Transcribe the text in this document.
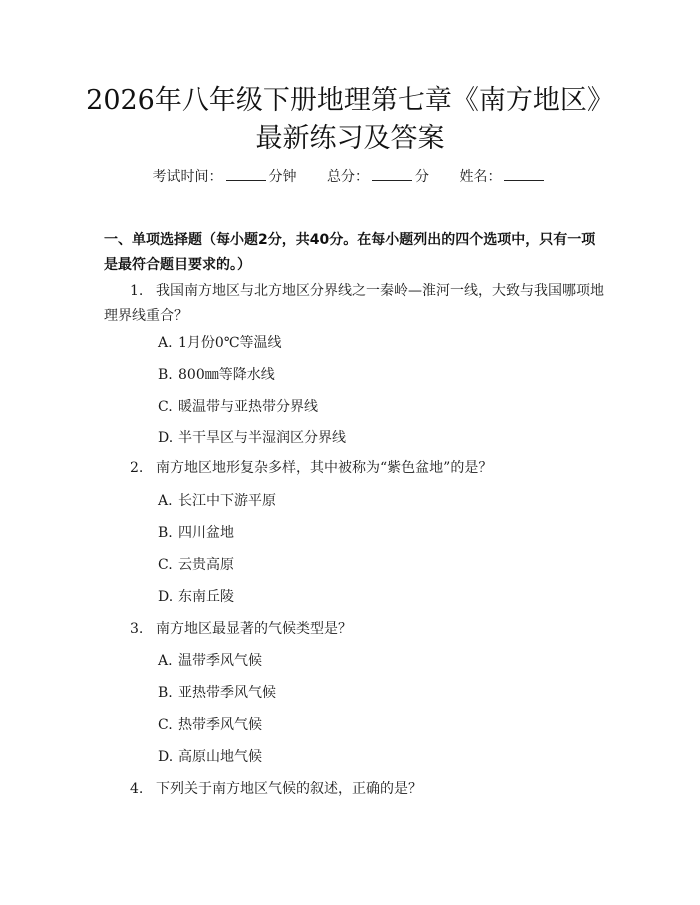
2026年八年级下册地理第七章《南方地区》
最新练习及答案
考试时间：	分钟 总分：	分 姓名：
一、单项选择题（每小题2分，共40分。在每小题列出的四个选项中，只有一项是最符合题目要求的。）
1. 我国南方地区与北方地区分界线之一秦岭—淮河一线，大致与我国哪项地理界线重合？
A. 1月份0℃等温线
B. 800㎜等降水线
C. 暖温带与亚热带分界线
D. 半干旱区与半湿润区分界线
2. 南方地区地形复杂多样，其中被称为“紫色盆地”的是？
A. 长江中下游平原
B. 四川盆地
C. 云贵高原
D. 东南丘陵
3. 南方地区最显著的气候类型是？
A. 温带季风气候
B. 亚热带季风气候
C. 热带季风气候
D. 高原山地气候
4. 下列关于南方地区气候的叙述，正确的是？
